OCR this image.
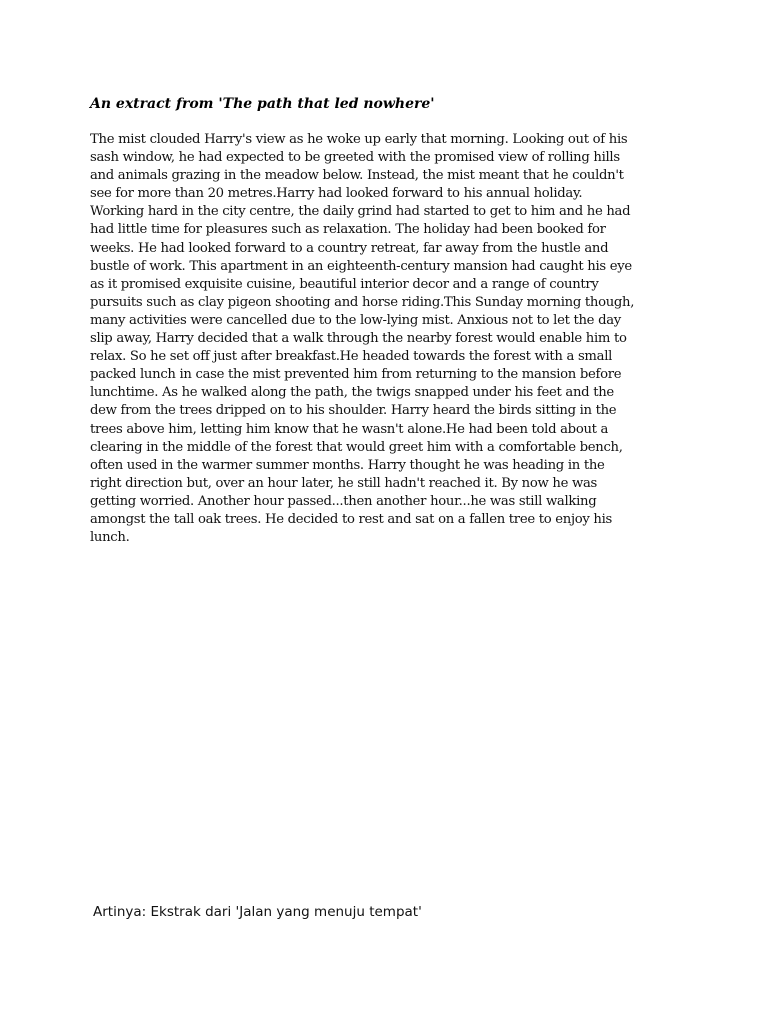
An extract from 'The path that led nowhere'

The mist clouded Harry's view as he woke up early that morning. Looking out of his sash window, he had expected to be greeted with the promised view of rolling hills and animals grazing in the meadow below. Instead, the mist meant that he couldn't see for more than 20 metres.Harry had looked forward to his annual holiday. Working hard in the city centre, the daily grind had started to get to him and he had had little time for pleasures such as relaxation. The holiday had been booked for weeks. He had looked forward to a country retreat, far away from the hustle and bustle of work. This apartment in an eighteenth-century mansion had caught his eye as it promised exquisite cuisine, beautiful interior decor and a range of country pursuits such as clay pigeon shooting and horse riding.This Sunday morning though, many activities were cancelled due to the low-lying mist. Anxious not to let the day slip away, Harry decided that a walk through the nearby forest would enable him to relax. So he set off just after breakfast.He headed towards the forest with a small packed lunch in case the mist prevented him from returning to the mansion before lunchtime. As he walked along the path, the twigs snapped under his feet and the dew from the trees dripped on to his shoulder. Harry heard the birds sitting in the trees above him, letting him know that he wasn't alone.He had been told about a clearing in the middle of the forest that would greet him with a comfortable bench, often used in the warmer summer months. Harry thought he was heading in the right direction but, over an hour later, he still hadn't reached it. By now he was getting worried. Another hour passed...then another hour...he was still walking amongst the tall oak trees. He decided to rest and sat on a fallen tree to enjoy his lunch.

Artinya: Ekstrak dari 'Jalan yang menuju tempat'
